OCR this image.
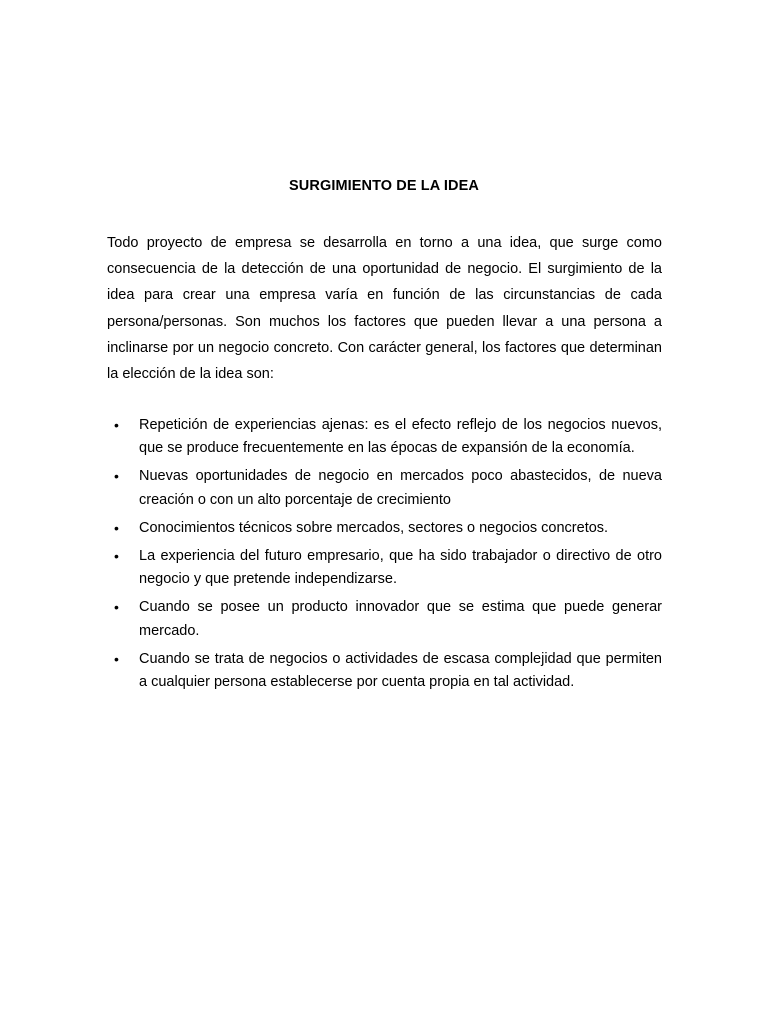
SURGIMIENTO DE LA IDEA

Todo proyecto de empresa se desarrolla en torno a una idea, que surge como consecuencia de la detección de una oportunidad de negocio. El surgimiento de la idea para crear una empresa varía en función de las circunstancias de cada persona/personas. Son muchos los factores que pueden llevar a una persona a inclinarse por un negocio concreto. Con carácter general, los factores que determinan la elección de la idea son:

• Repetición de experiencias ajenas: es el efecto reflejo de los negocios nuevos, que se produce frecuentemente en las épocas de expansión de la economía.
• Nuevas oportunidades de negocio en mercados poco abastecidos, de nueva creación o con un alto porcentaje de crecimiento
• Conocimientos técnicos sobre mercados, sectores o negocios concretos.
• La experiencia del futuro empresario, que ha sido trabajador o directivo de otro negocio y que pretende independizarse.
• Cuando se posee un producto innovador que se estima que puede generar mercado.
• Cuando se trata de negocios o actividades de escasa complejidad que permiten a cualquier persona establecerse por cuenta propia en tal actividad.
